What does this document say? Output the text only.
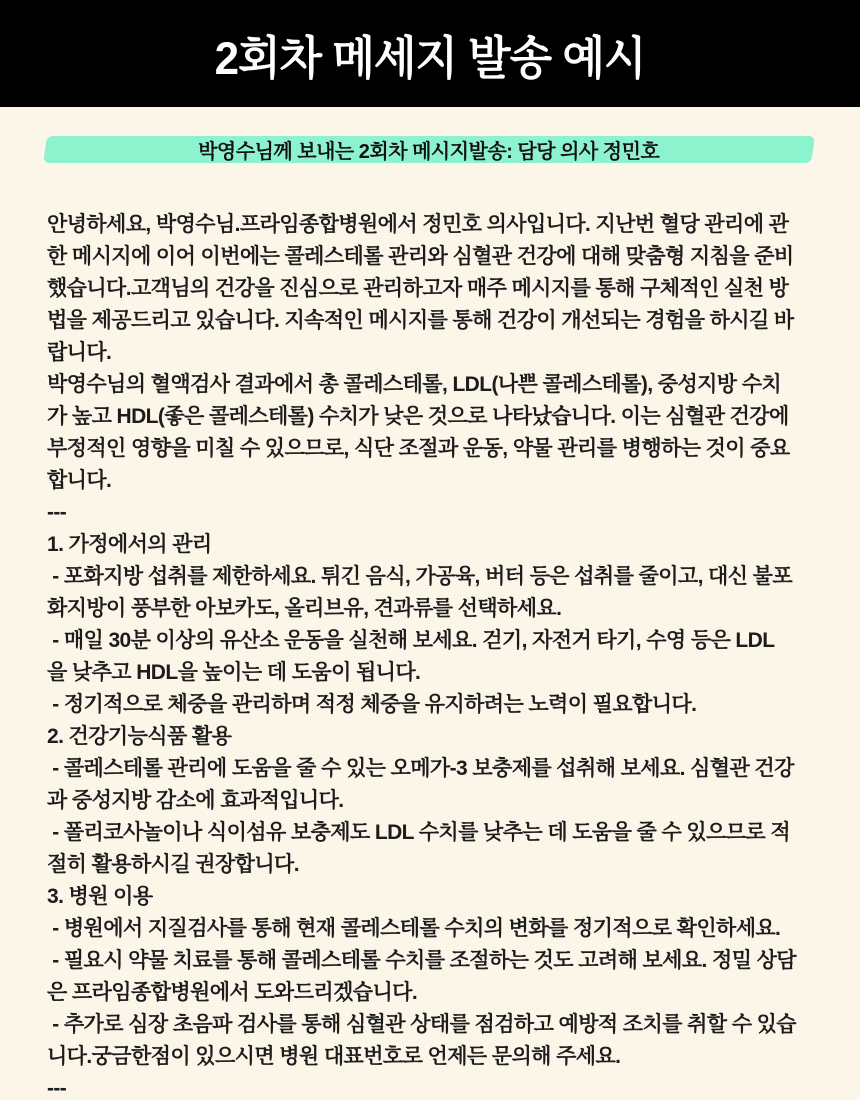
2회차 메세지 발송 예시
박영수님께 보내는 2회차 메시지발송: 담당 의사 정민호
안녕하세요, 박영수님.프라임종합병원에서 정민호 의사입니다. 지난번 혈당 관리에 관
한 메시지에 이어 이번에는 콜레스테롤 관리와 심혈관 건강에 대해 맞춤형 지침을 준비
했습니다.고객님의 건강을 진심으로 관리하고자 매주 메시지를 통해 구체적인 실천 방
법을 제공드리고 있습니다. 지속적인 메시지를 통해 건강이 개선되는 경험을 하시길 바
랍니다.
박영수님의 혈액검사 결과에서 총 콜레스테롤, LDL(나쁜 콜레스테롤), 중성지방 수치
가 높고 HDL(좋은 콜레스테롤) 수치가 낮은 것으로 나타났습니다. 이는 심혈관 건강에
부정적인 영향을 미칠 수 있으므로, 식단 조절과 운동, 약물 관리를 병행하는 것이 중요
합니다.
---
1. 가정에서의 관리
- 포화지방 섭취를 제한하세요. 튀긴 음식, 가공육, 버터 등은 섭취를 줄이고, 대신 불포
화지방이 풍부한 아보카도, 올리브유, 견과류를 선택하세요.
- 매일 30분 이상의 유산소 운동을 실천해 보세요. 걷기, 자전거 타기, 수영 등은 LDL
을 낮추고 HDL을 높이는 데 도움이 됩니다.
- 정기적으로 체중을 관리하며 적정 체중을 유지하려는 노력이 필요합니다.
2. 건강기능식품 활용
- 콜레스테롤 관리에 도움을 줄 수 있는 오메가-3 보충제를 섭취해 보세요. 심혈관 건강
과 중성지방 감소에 효과적입니다.
- 폴리코사놀이나 식이섬유 보충제도 LDL 수치를 낮추는 데 도움을 줄 수 있으므로 적
절히 활용하시길 권장합니다.
3. 병원 이용
- 병원에서 지질검사를 통해 현재 콜레스테롤 수치의 변화를 정기적으로 확인하세요.
- 필요시 약물 치료를 통해 콜레스테롤 수치를 조절하는 것도 고려해 보세요. 정밀 상담
은 프라임종합병원에서 도와드리겠습니다.
- 추가로 심장 초음파 검사를 통해 심혈관 상태를 점검하고 예방적 조치를 취할 수 있습
니다.궁금한점이 있으시면 병원 대표번호로 언제든 문의해 주세요.
---
